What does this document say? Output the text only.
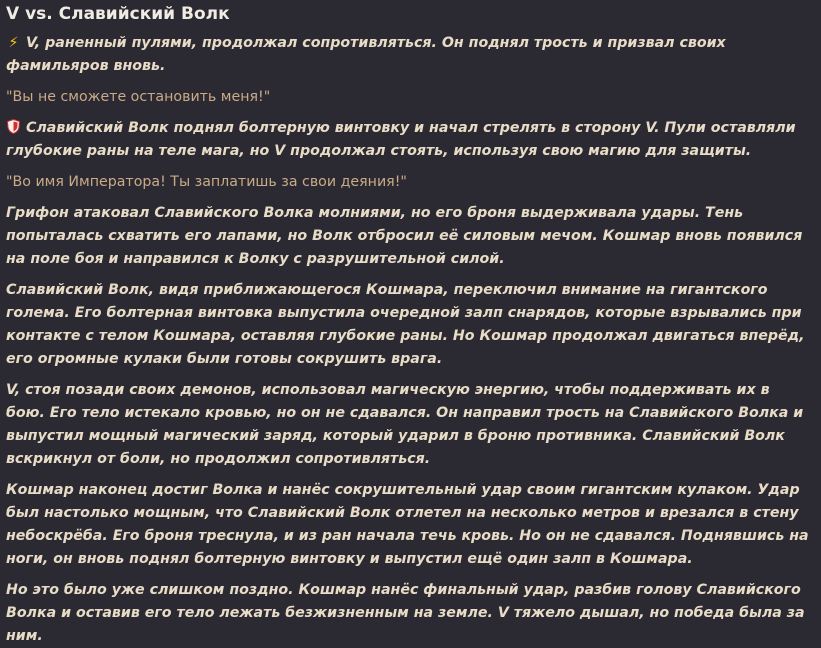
V vs. Славийский Волк

⚡ V, раненный пулями, продолжал сопротивляться. Он поднял трость и призвал своих фамильяров вновь.

"Вы не сможете остановить меня!"

Славийский Волк поднял болтерную винтовку и начал стрелять в сторону V. Пули оставляли глубокие раны на теле мага, но V продолжал стоять, используя свою магию для защиты.

"Во имя Императора! Ты заплатишь за свои деяния!"

Грифон атаковал Славийского Волка молниями, но его броня выдерживала удары. Тень попыталась схватить его лапами, но Волк отбросил её силовым мечом. Кошмар вновь появился на поле боя и направился к Волку с разрушительной силой.

Славийский Волк, видя приближающегося Кошмара, переключил внимание на гигантского голема. Его болтерная винтовка выпустила очередной залп снарядов, которые взрывались при контакте с телом Кошмара, оставляя глубокие раны. Но Кошмар продолжал двигаться вперёд, его огромные кулаки были готовы сокрушить врага.

V, стоя позади своих демонов, использовал магическую энергию, чтобы поддерживать их в бою. Его тело истекало кровью, но он не сдавался. Он направил трость на Славийского Волка и выпустил мощный магический заряд, который ударил в броню противника. Славийский Волк вскрикнул от боли, но продолжил сопротивляться.

Кошмар наконец достиг Волка и нанёс сокрушительный удар своим гигантским кулаком. Удар был настолько мощным, что Славийский Волк отлетел на несколько метров и врезался в стену небоскрёба. Его броня треснула, и из ран начала течь кровь. Но он не сдавался. Поднявшись на ноги, он вновь поднял болтерную винтовку и выпустил ещё один залп в Кошмара.

Но это было уже слишком поздно. Кошмар нанёс финальный удар, разбив голову Славийского Волка и оставив его тело лежать безжизненным на земле. V тяжело дышал, но победа была за ним.
